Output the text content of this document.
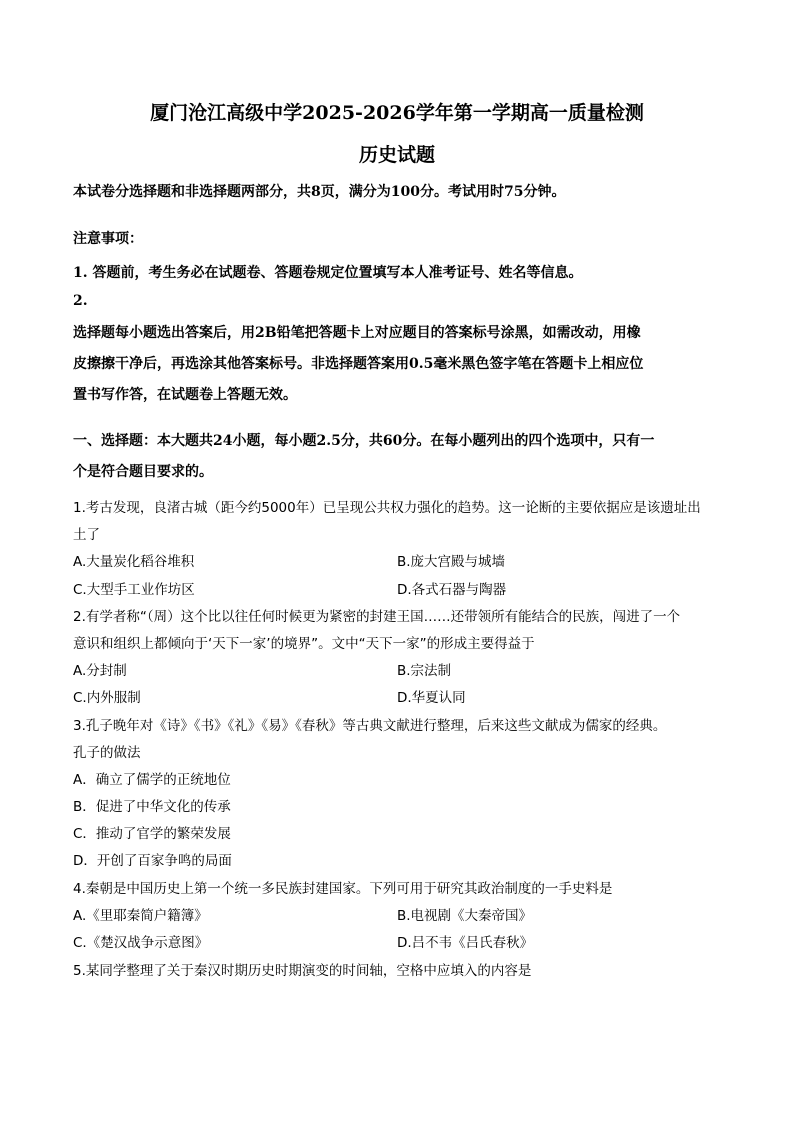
厦门沧江高级中学2025-2026学年第一学期高一质量检测
历史试题
本试卷分选择题和非选择题两部分，共8页，满分为100分。考试用时75分钟。
注意事项：
1. 答题前，考生务必在试题卷、答题卷规定位置填写本人准考证号、姓名等信息。
2.
选择题每小题选出答案后，用2B铅笔把答题卡上对应题目的答案标号涂黑，如需改动，用橡
皮擦擦干净后，再选涂其他答案标号。非选择题答案用0.5毫米黑色签字笔在答题卡上相应位
置书写作答，在试题卷上答题无效。
一、选择题：本大题共24小题，每小题2.5分，共60分。在每小题列出的四个选项中，只有一
个是符合题目要求的。
1.考古发现，良渚古城（距今约5000年）已呈现公共权力强化的趋势。这一论断的主要依据应是该遗址出
土了
A.大量炭化稻谷堆积	B.庞大宫殿与城墙
C.大型手工业作坊区	D.各式石器与陶器
2.有学者称“（周）这个比以往任何时候更为紧密的封建王国……还带领所有能结合的民族，闯进了一个
意识和组织上都倾向于‘天下一家’的境界”。文中“天下一家”的形成主要得益于
A.分封制	B.宗法制
C.内外服制	D.华夏认同
3.孔子晚年对《诗》《书》《礼》《易》《春秋》等古典文献进行整理，后来这些文献成为儒家的经典。
孔子的做法
A．确立了儒学的正统地位
B．促进了中华文化的传承
C．推动了官学的繁荣发展
D．开创了百家争鸣的局面
4.秦朝是中国历史上第一个统一多民族封建国家。下列可用于研究其政治制度的一手史料是
A.《里耶秦简户籍簿》	B.电视剧《大秦帝国》
C.《楚汉战争示意图》	D.吕不韦《吕氏春秋》
5.某同学整理了关于秦汉时期历史时期演变的时间轴，空格中应填入的内容是
